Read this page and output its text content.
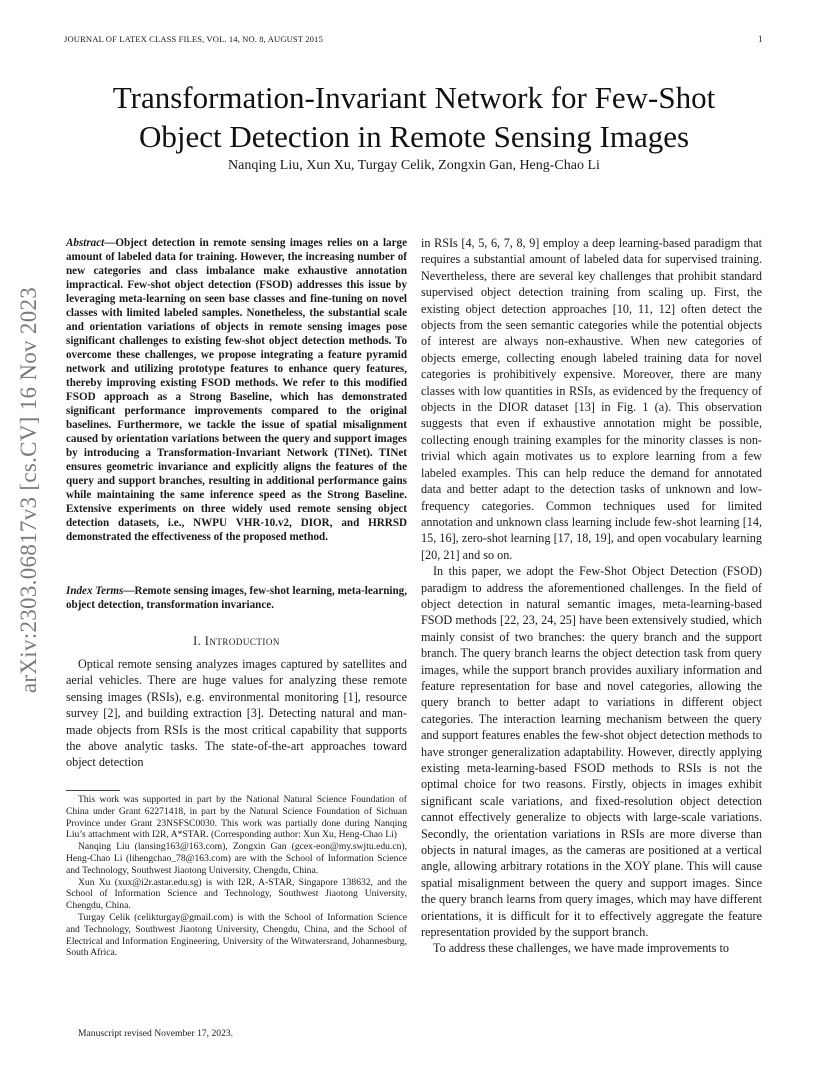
JOURNAL OF LATEX CLASS FILES, VOL. 14, NO. 8, AUGUST 2015	1
arXiv:2303.06817v3 [cs.CV] 16 Nov 2023
Transformation-Invariant Network for Few-Shot Object Detection in Remote Sensing Images
Nanqing Liu, Xun Xu, Turgay Celik, Zongxin Gan, Heng-Chao Li
Abstract—Object detection in remote sensing images relies on a large amount of labeled data for training. However, the increasing number of new categories and class imbalance make exhaustive annotation impractical. Few-shot object detection (FSOD) addresses this issue by leveraging meta-learning on seen base classes and fine-tuning on novel classes with limited labeled samples. Nonetheless, the substantial scale and orientation variations of objects in remote sensing images pose significant challenges to existing few-shot object detection methods. To overcome these challenges, we propose integrating a feature pyramid network and utilizing prototype features to enhance query features, thereby improving existing FSOD methods. We refer to this modified FSOD approach as a Strong Baseline, which has demonstrated significant performance improvements compared to the original baselines. Furthermore, we tackle the issue of spatial misalignment caused by orientation variations between the query and support images by introducing a Transformation-Invariant Network (TINet). TINet ensures geometric invariance and explicitly aligns the features of the query and support branches, resulting in additional performance gains while maintaining the same inference speed as the Strong Baseline. Extensive experiments on three widely used remote sensing object detection datasets, i.e., NWPU VHR-10.v2, DIOR, and HRRSD demonstrated the effectiveness of the proposed method.
Index Terms—Remote sensing images, few-shot learning, meta-learning, object detection, transformation invariance.
I. Introduction

Optical remote sensing analyzes images captured by satellites and aerial vehicles. There are huge values for analyzing these remote sensing images (RSIs), e.g. environmental monitoring [1], resource survey [2], and building extraction [3]. Detecting natural and man-made objects from RSIs is the most critical capability that supports the above analytic tasks. The state-of-the-art approaches toward object detection

This work was supported in part by the National Natural Science Foundation of China under Grant 62271418, in part by the Natural Science Foundation of Sichuan Province under Grant 23NSFSC0030. This work was partially done during Nanqing Liu’s attachment with I2R, A*STAR. (Corresponding author: Xun Xu, Heng-Chao Li)

Nanqing Liu (lansing163@163.com), Zongxin Gan (gcex-eon@my.swjtu.edu.cn), Heng-Chao Li (lihengchao_78@163.com) are with the School of Information Science and Technology, Southwest Jiaotong University, Chengdu, China.

Xun Xu (xux@i2r.astar.edu.sg) is with I2R, A-STAR, Singapore 138632, and the School of Information Science and Technology, Southwest Jiaotong University, Chengdu, China.

Turgay Celik (celikturgay@gmail.com) is with the School of Information Science and Technology, Southwest Jiaotong University, Chengdu, China, and the School of Electrical and Information Engineering, University of the Witwatersrand, Johannesburg, South Africa.

Manuscript revised November 17, 2023.

in RSIs [4, 5, 6, 7, 8, 9] employ a deep learning-based paradigm that requires a substantial amount of labeled data for supervised training. Nevertheless, there are several key challenges that prohibit standard supervised object detection training from scaling up. First, the existing object detection approaches [10, 11, 12] often detect the objects from the seen semantic categories while the potential objects of interest are always non-exhaustive. When new categories of objects emerge, collecting enough labeled training data for novel categories is prohibitively expensive. Moreover, there are many classes with low quantities in RSIs, as evidenced by the frequency of objects in the DIOR dataset [13] in Fig. 1 (a). This observation suggests that even if exhaustive annotation might be possible, collecting enough training examples for the minority classes is non-trivial which again motivates us to explore learning from a few labeled examples. This can help reduce the demand for annotated data and better adapt to the detection tasks of unknown and low-frequency categories. Common techniques used for limited annotation and unknown class learning include few-shot learning [14, 15, 16], zero-shot learning [17, 18, 19], and open vocabulary learning [20, 21] and so on.

In this paper, we adopt the Few-Shot Object Detection (FSOD) paradigm to address the aforementioned challenges. In the field of object detection in natural semantic images, meta-learning-based FSOD methods [22, 23, 24, 25] have been extensively studied, which mainly consist of two branches: the query branch and the support branch. The query branch learns the object detection task from query images, while the support branch provides auxiliary information and feature representation for base and novel categories, allowing the query branch to better adapt to variations in different object categories. The interaction learning mechanism between the query and support features enables the few-shot object detection methods to have stronger generalization adaptability. However, directly applying existing meta-learning-based FSOD methods to RSIs is not the optimal choice for two reasons. Firstly, objects in images exhibit significant scale variations, and fixed-resolution object detection cannot effectively generalize to objects with large-scale variations. Secondly, the orientation variations in RSIs are more diverse than objects in natural images, as the cameras are positioned at a vertical angle, allowing arbitrary rotations in the XOY plane. This will cause spatial misalignment between the query and support images. Since the query branch learns from query images, which may have different orientations, it is difficult for it to effectively aggregate the feature representation provided by the support branch.

To address these challenges, we have made improvements to
